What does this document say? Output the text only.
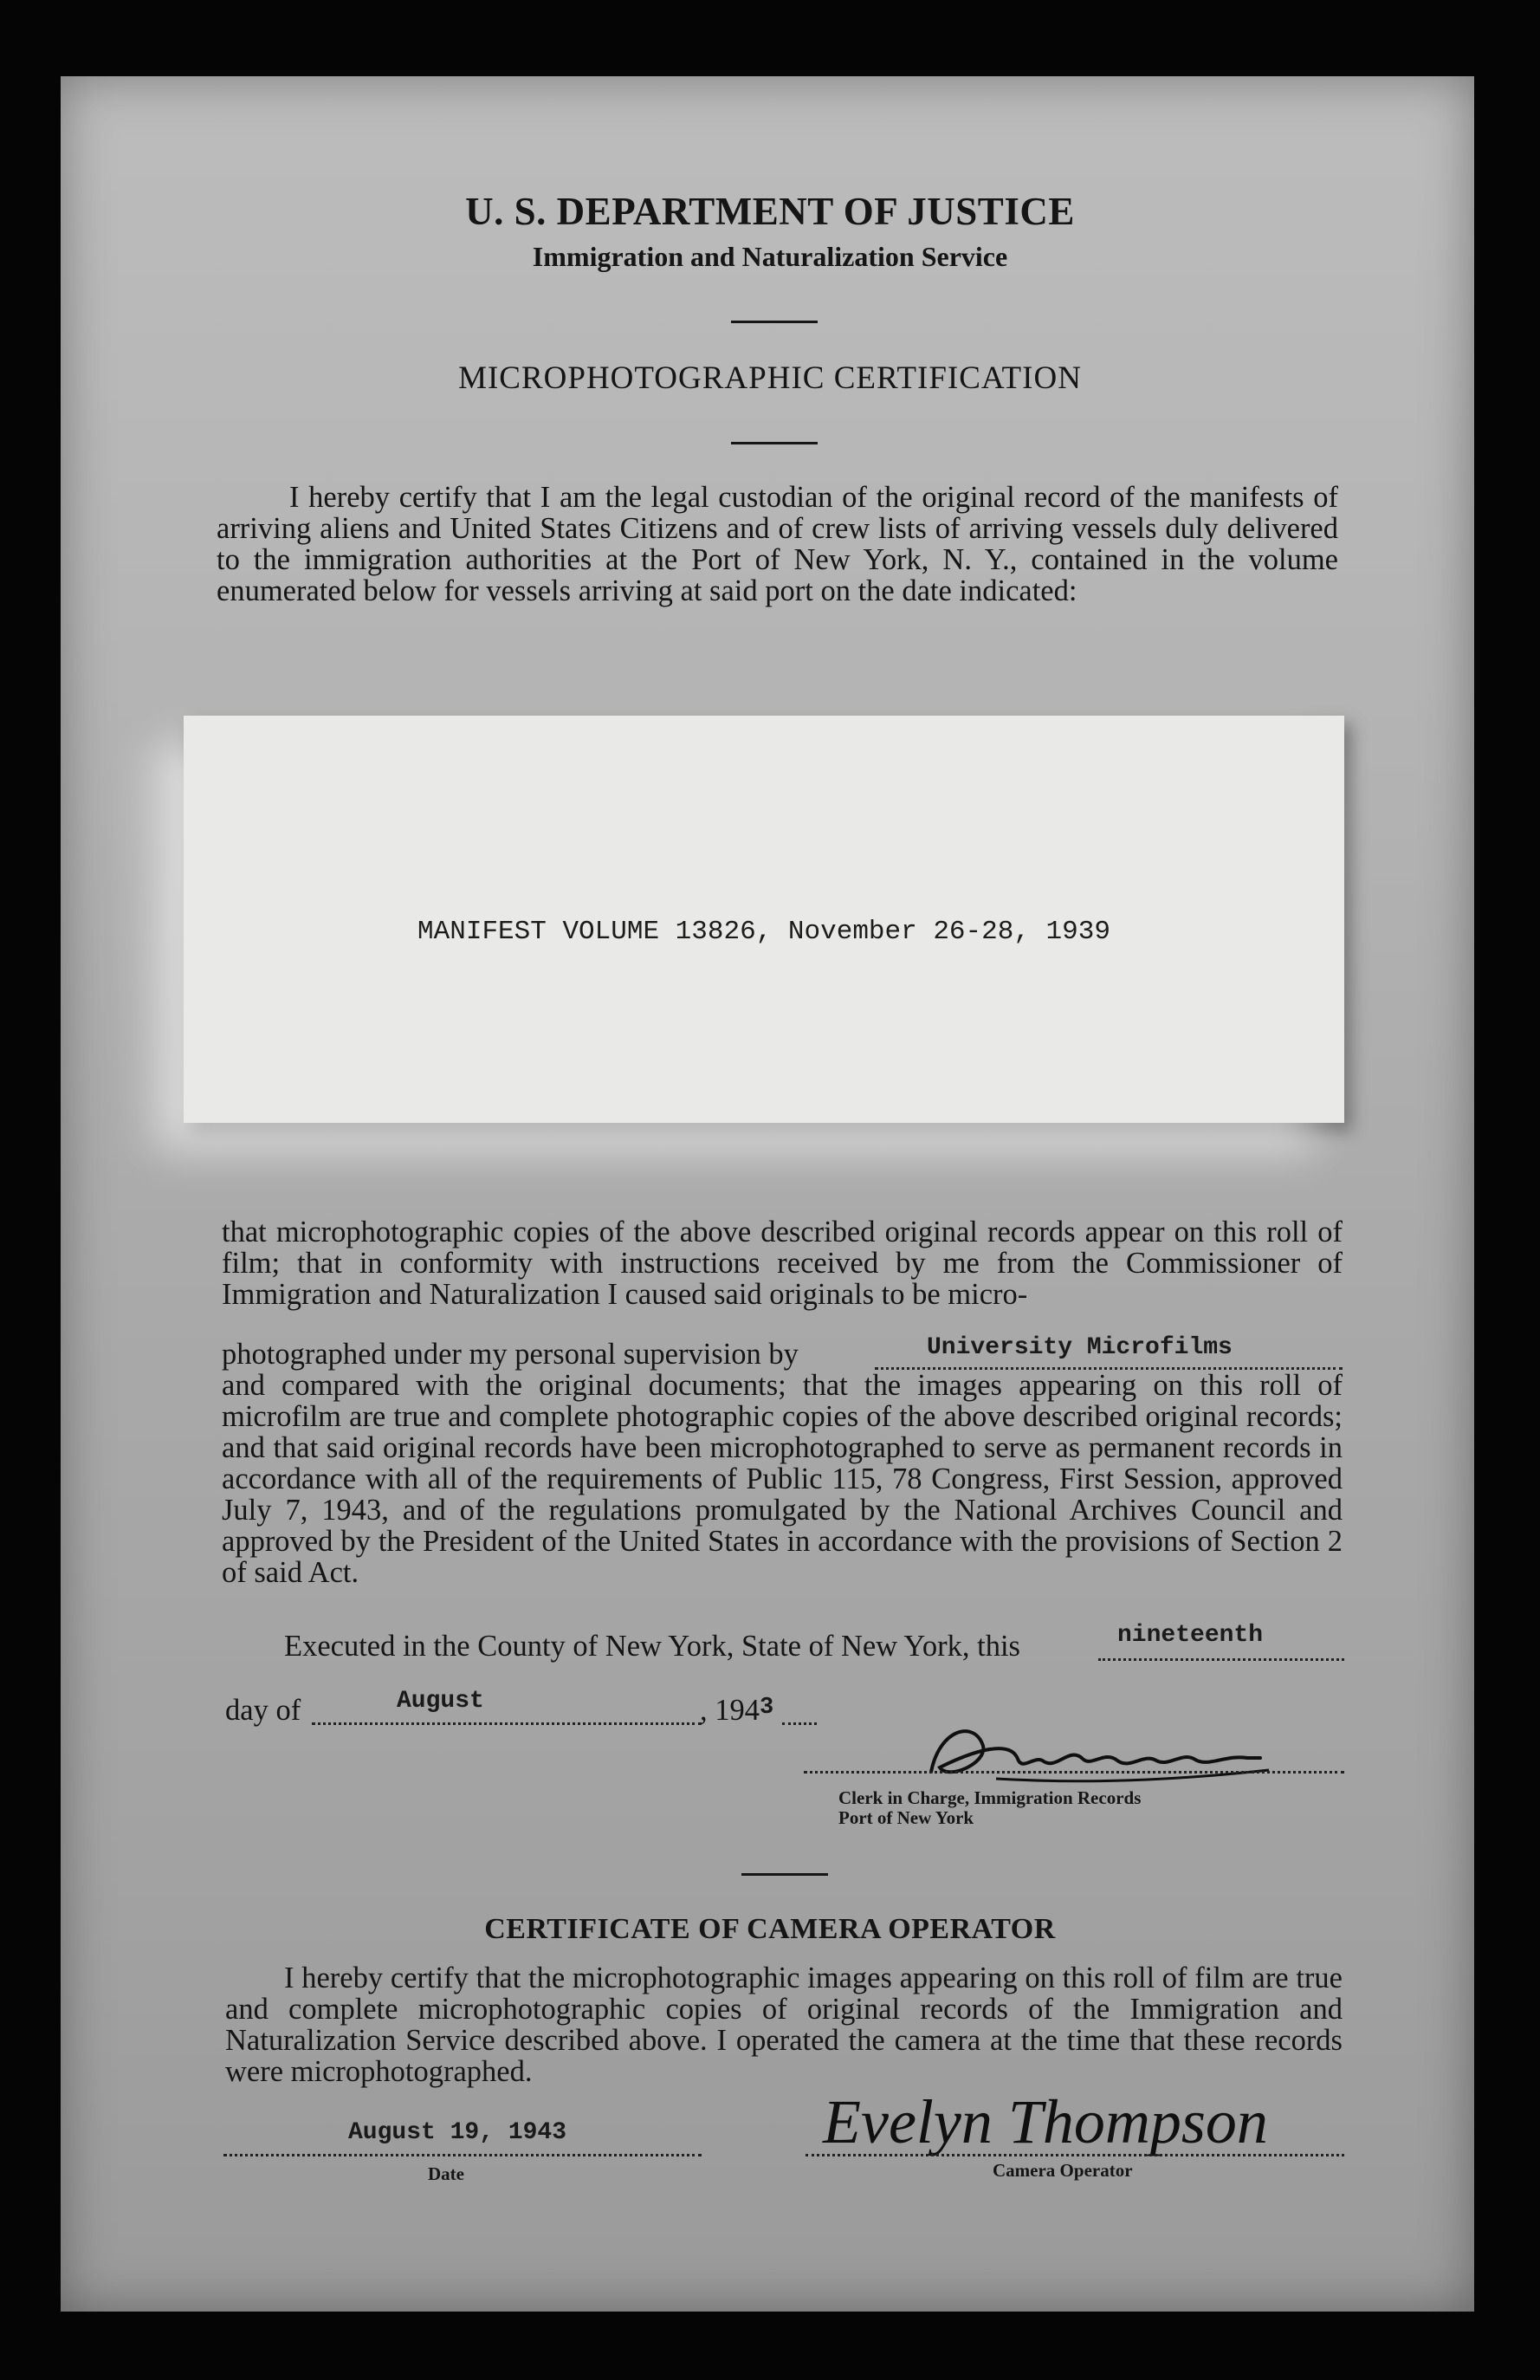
U. S. DEPARTMENT OF JUSTICE
Immigration and Naturalization Service
MICROPHOTOGRAPHIC CERTIFICATION
I hereby certify that I am the legal custodian of the original record of the manifests of arriving aliens and United States Citizens and of crew lists of arriving vessels duly delivered to the immigration authorities at the Port of New York, N. Y., contained in the volume enumerated below for vessels arriving at said port on the date indicated:
MANIFEST VOLUME 13826, November 26-28, 1939
that microphotographic copies of the above described original records appear on this roll of film; that in conformity with instructions received by me from the Commissioner of Immigration and Naturalization I caused said originals to be micro-
photographed under my personal supervision by	University Microfilms
and compared with the original documents; that the images appearing on this roll of microfilm are true and complete photographic copies of the above described original records; and that said original records have been microphotographed to serve as permanent records in accordance with all of the requirements of Public 115, 78 Congress, First Session, approved July 7, 1943, and of the regulations promulgated by the National Archives Council and approved by the President of the United States in accordance with the provisions of Section 2 of said Act.
Executed in the County of New York, State of New York, this	nineteenth
day of	August	, $194^3$
Clerk in Charge, Immigration Records
Port of New York
CERTIFICATE OF CAMERA OPERATOR
I hereby certify that the microphotographic images appearing on this roll of film are true and complete microphotographic copies of original records of the Immigration and Naturalization Service described above. I operated the camera at the time that these records were microphotographed.
August 19, 1943
Date
Evelyn Thompson
Camera Operator
